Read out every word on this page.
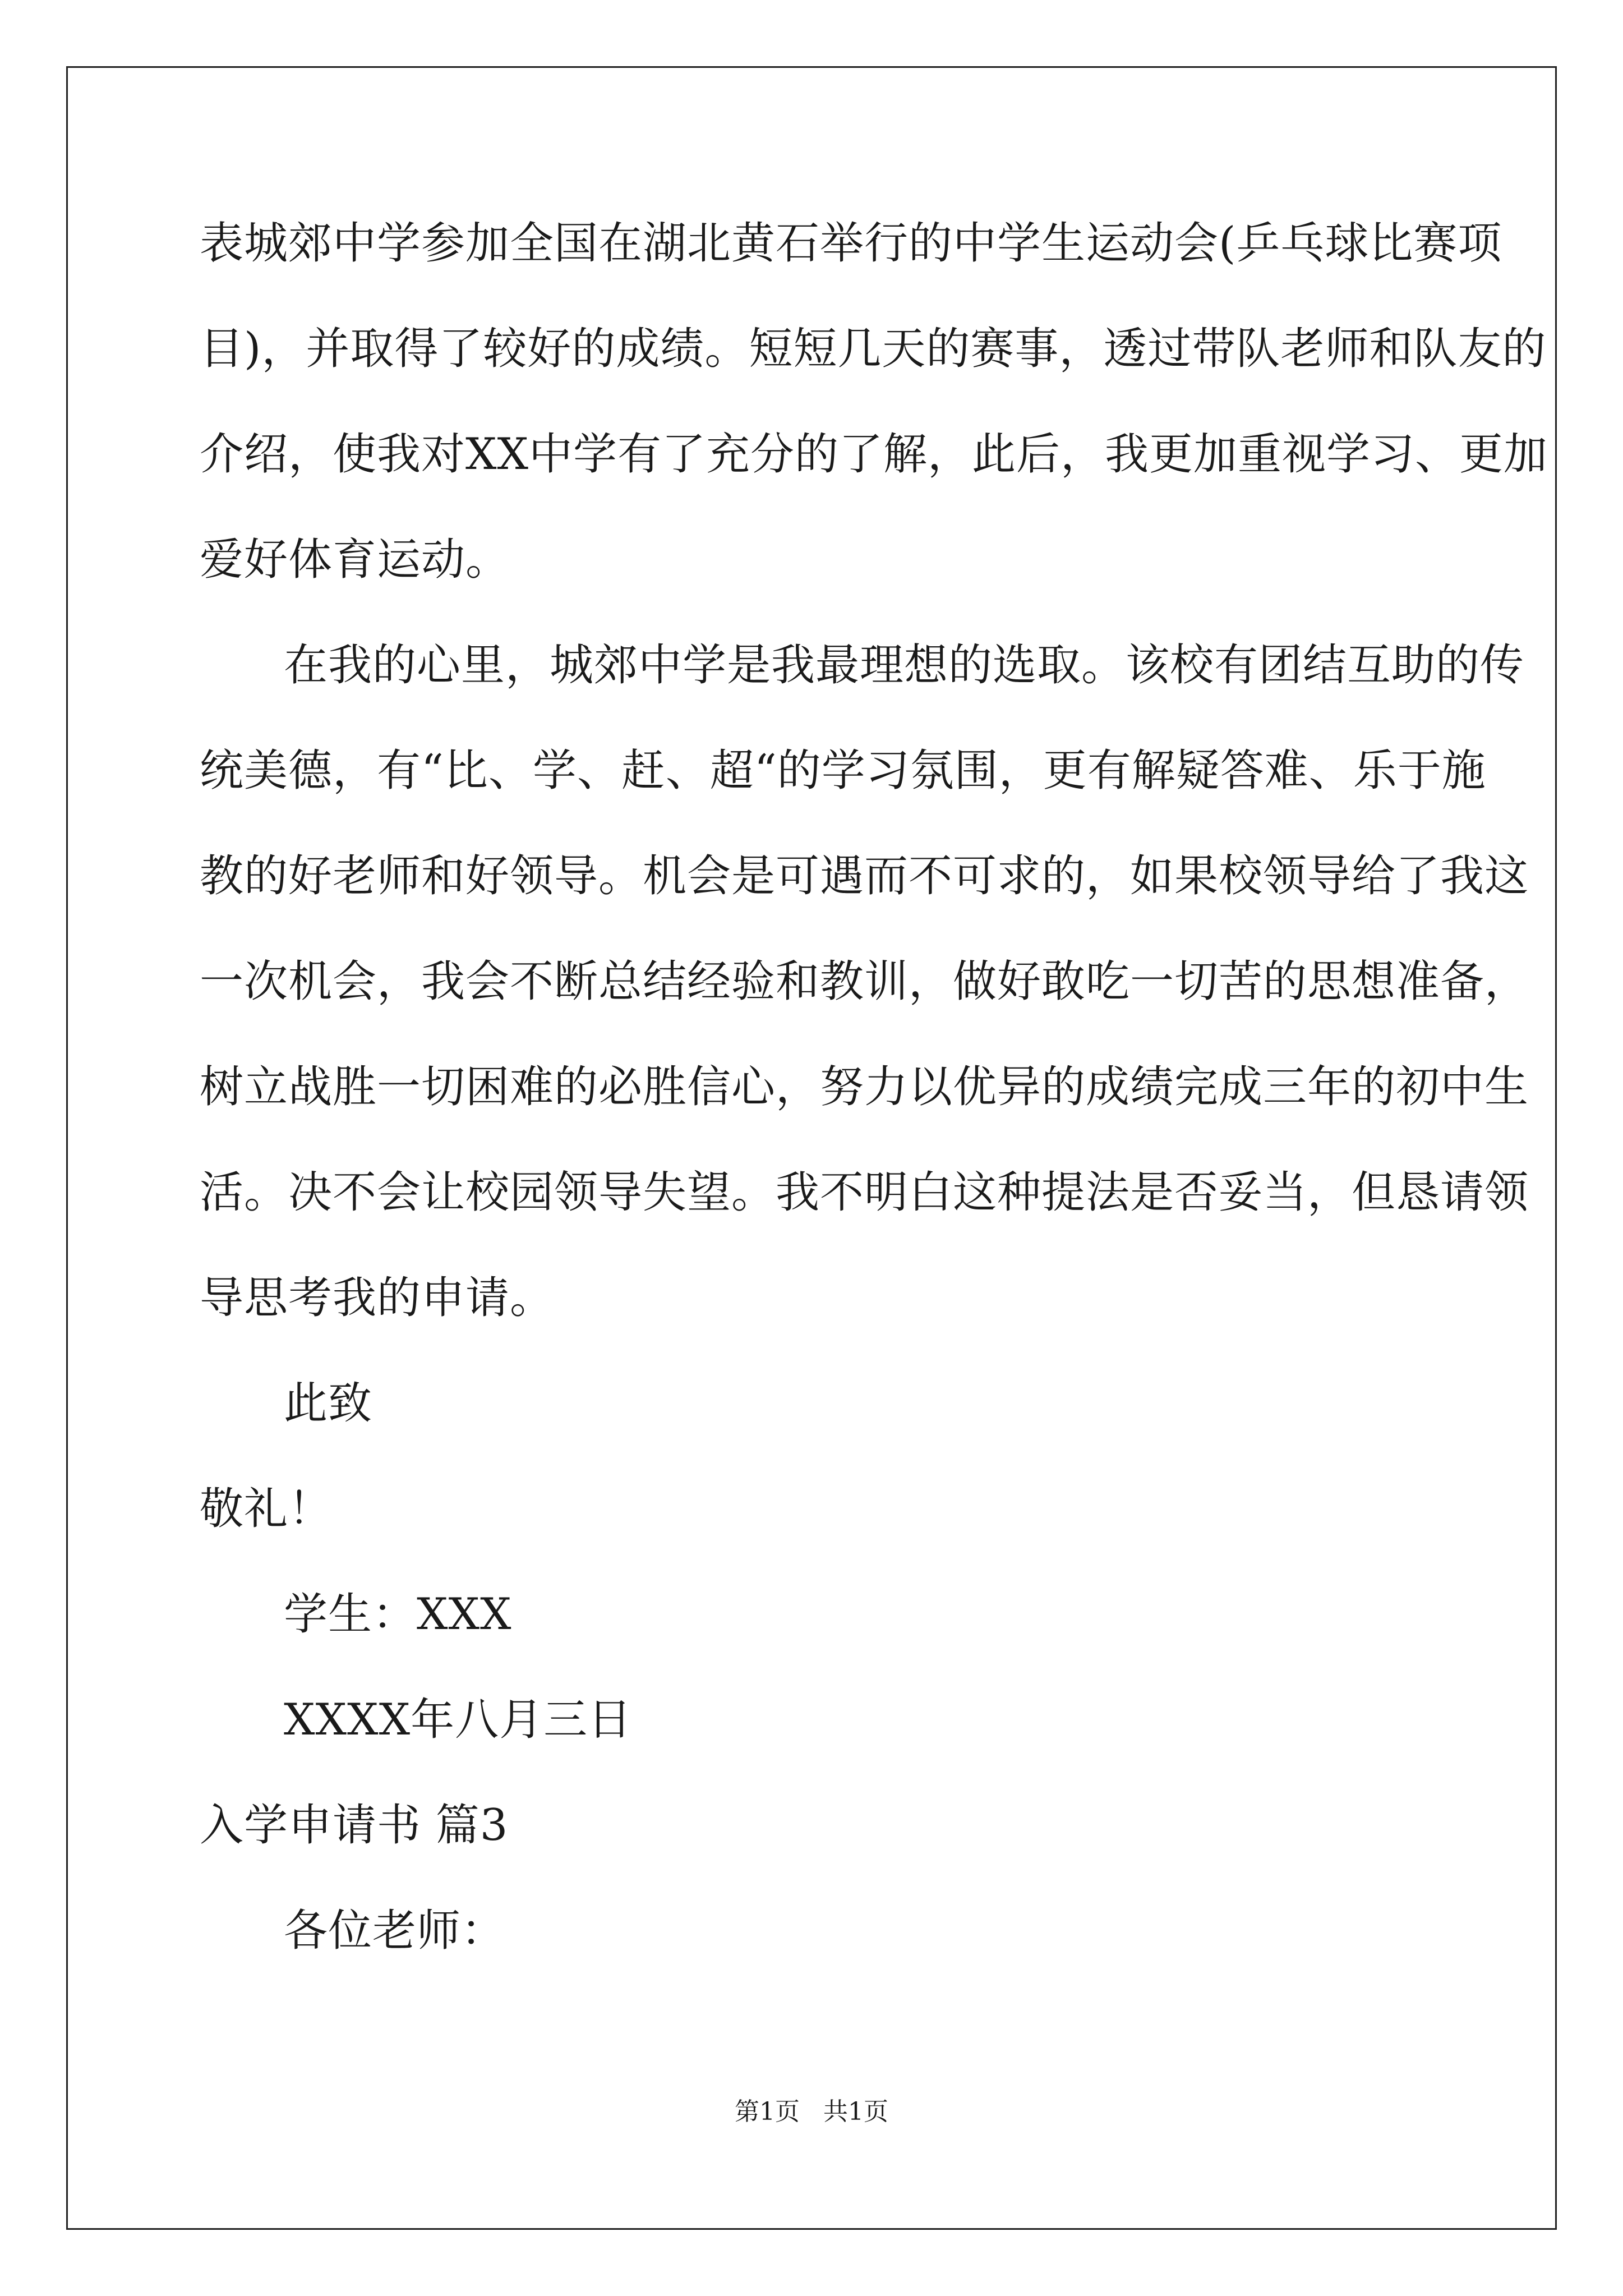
表城郊中学参加全国在湖北黄石举行的中学生运动会(乒乓球比赛项
目)，并取得了较好的成绩。短短几天的赛事，透过带队老师和队友的
介绍，使我对XX中学有了充分的了解，此后，我更加重视学习、更加
爱好体育运动。
在我的心里，城郊中学是我最理想的选取。该校有团结互助的传
统美德，有“比、学、赶、超“的学习氛围，更有解疑答难、乐于施
教的好老师和好领导。机会是可遇而不可求的，如果校领导给了我这
一次机会，我会不断总结经验和教训，做好敢吃一切苦的思想准备，
树立战胜一切困难的必胜信心，努力以优异的成绩完成三年的初中生
活。决不会让校园领导失望。我不明白这种提法是否妥当，但恳请领
导思考我的申请。
此致
敬礼！
学生：XXX
XXXX年八月三日
入学申请书 篇3
各位老师：
第1页   共1页
